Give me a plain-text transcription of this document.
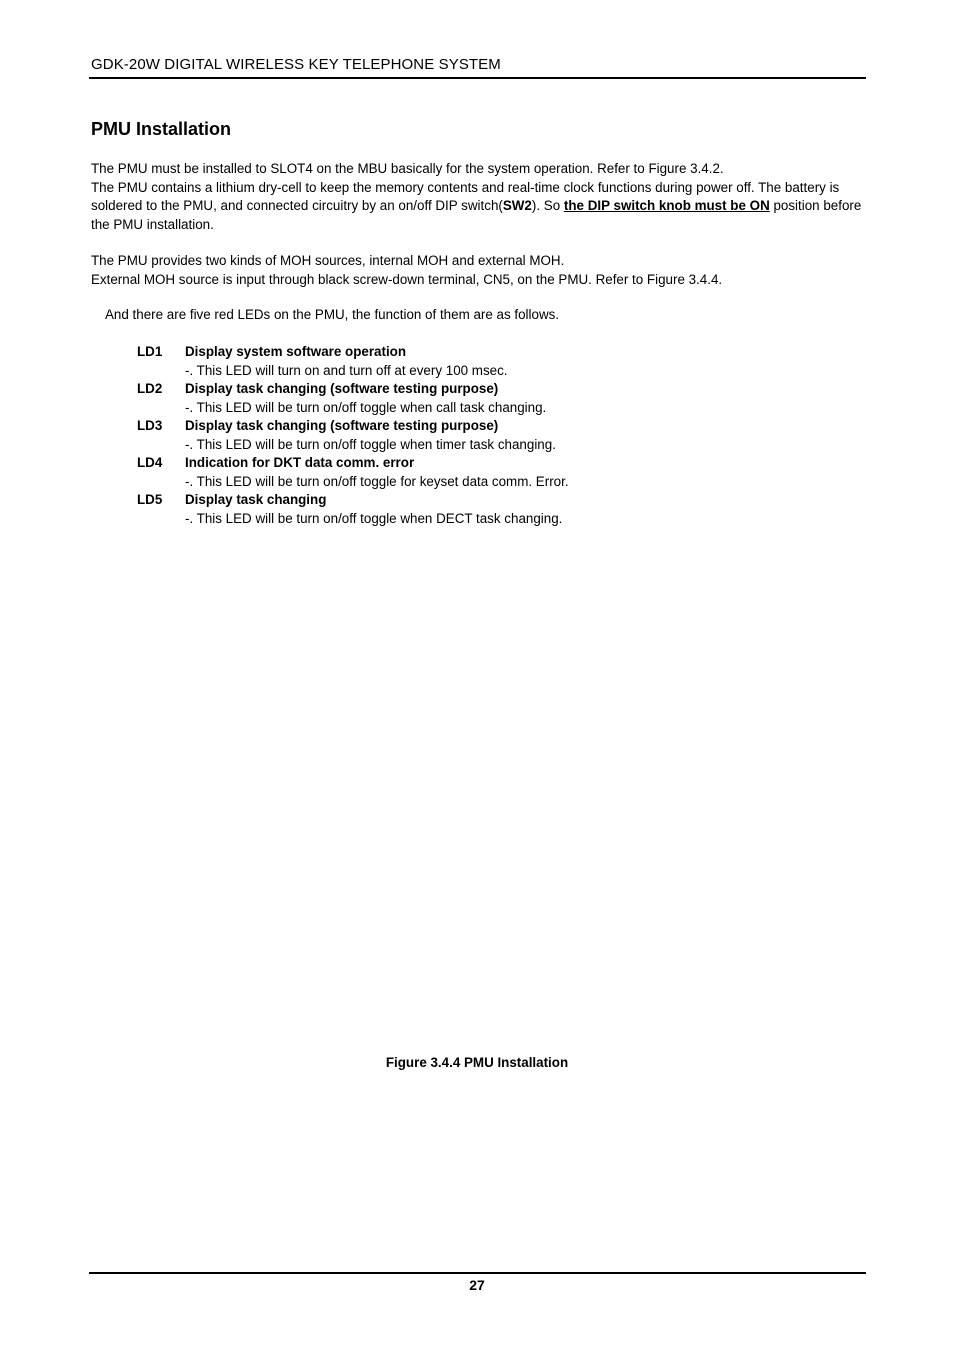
GDK-20W DIGITAL WIRELESS KEY TELEPHONE SYSTEM
PMU Installation

The PMU must be installed to SLOT4 on the MBU basically for the system operation. Refer to Figure 3.4.2.

The PMU contains a lithium dry-cell to keep the memory contents and real-time clock functions during power off. The battery is soldered to the PMU, and connected circuitry by an on/off DIP switch(SW2). So the DIP switch knob must be ON position before the PMU installation.

The PMU provides two kinds of MOH sources, internal MOH and external MOH.

External MOH source is input through black screw-down terminal, CN5, on the PMU. Refer to Figure 3.4.4.

And there are five red LEDs on the PMU, the function of them are as follows.
LD1	Display system software operation
-. This LED will turn on and turn off at every 100 msec.
LD2	Display task changing (software testing purpose)
-. This LED will be turn on/off toggle when call task changing.
LD3	Display task changing (software testing purpose)
-. This LED will be turn on/off toggle when timer task changing.
LD4	Indication for DKT data comm. error
-. This LED will be turn on/off toggle for keyset data comm. Error.
LD5	Display task changing
-. This LED will be turn on/off toggle when DECT task changing.
Figure 3.4.4 PMU Installation
27
